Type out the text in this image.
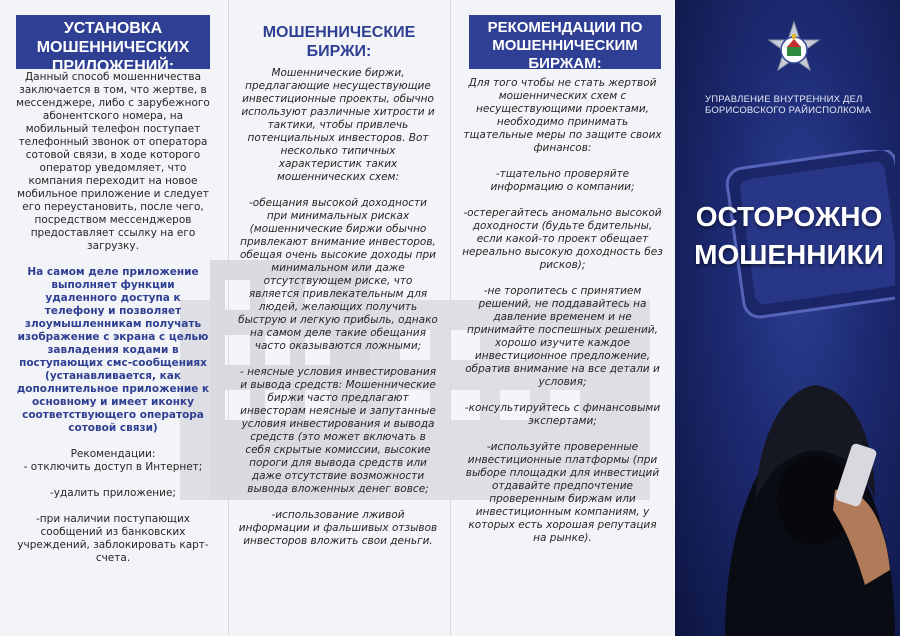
УСТАНОВКА МОШЕННИЧЕСКИХ ПРИЛОЖЕНИЙ:

Данный способ мошенничества заключается в том, что жертве, в мессенджере, либо с зарубежного абонентского номера, на мобильный телефон поступает телефонный звонок от оператора сотовой связи, в ходе которого оператор уведомляет, что компания переходит на новое мобильное приложение и следует его переустановить, после чего, посредством мессенджеров предоставляет ссылку на его загрузку.

На самом деле приложение выполняет функции удаленного доступа к телефону и позволяет злоумышленникам получать изображение с экрана с целью завладения кодами в поступающих смс-сообщениях (устанавливается, как дополнительное приложение к основному и имеет иконку соответствующего оператора сотовой связи)

Рекомендации:

- отключить доступ в Интернет;

-удалить приложение;

-при наличии поступающих сообщений из банковских учреждений, заблокировать карт-счета.

МОШЕННИЧЕСКИЕ БИРЖИ:

Мошеннические биржи, предлагающие несуществующие инвестиционные проекты, обычно используют различные хитрости и тактики, чтобы привлечь потенциальных инвесторов. Вот несколько типичных характеристик таких мошеннических схем:

-обещания высокой доходности при минимальных рисках (мошеннические биржи обычно привлекают внимание инвесторов, обещая очень высокие доходы при минимальном или даже отсутствующем риске, что является привлекательным для людей, желающих получить быструю и легкую прибыль, однако на самом деле такие обещания часто оказываются ложными;

- неясные условия инвестирования и вывода средств: Мошеннические биржи часто предлагают инвесторам неясные и запутанные условия инвестирования и вывода средств (это может включать в себя скрытые комиссии, высокие пороги для вывода средств или даже отсутствие возможности вывода вложенных денег вовсе;

-использование лживой информации и фальшивых отзывов инвесторов вложить свои деньги.

РЕКОМЕНДАЦИИ ПО МОШЕННИЧЕСКИМ БИРЖАМ:

Для того чтобы не стать жертвой мошеннических схем с несуществующими проектами, необходимо принимать тщательные меры по защите своих финансов:

-тщательно проверяйте информацию о компании;

-остерегайтесь аномально высокой доходности (будьте бдительны, если какой-то проект обещает нереально высокую доходность без рисков);

-не торопитесь с принятием решений, не поддавайтесь на давление временем и не принимайте поспешных решений, хорошо изучите каждое инвестиционное предложение, обратив внимание на все детали и условия;

-консультируйтесь с финансовыми экспертами;

-используйте проверенные инвестиционные платформы (при выборе площадки для инвестиций отдавайте предпочтение проверенным биржам или инвестиционным компаниям, у которых есть хорошая репутация на рынке).

УПРАВЛЕНИЕ ВНУТРЕННИХ ДЕЛ БОРИСОВСКОГО РАЙИСПОЛКОМА
ОСТОРОЖНО
МОШЕННИКИ
